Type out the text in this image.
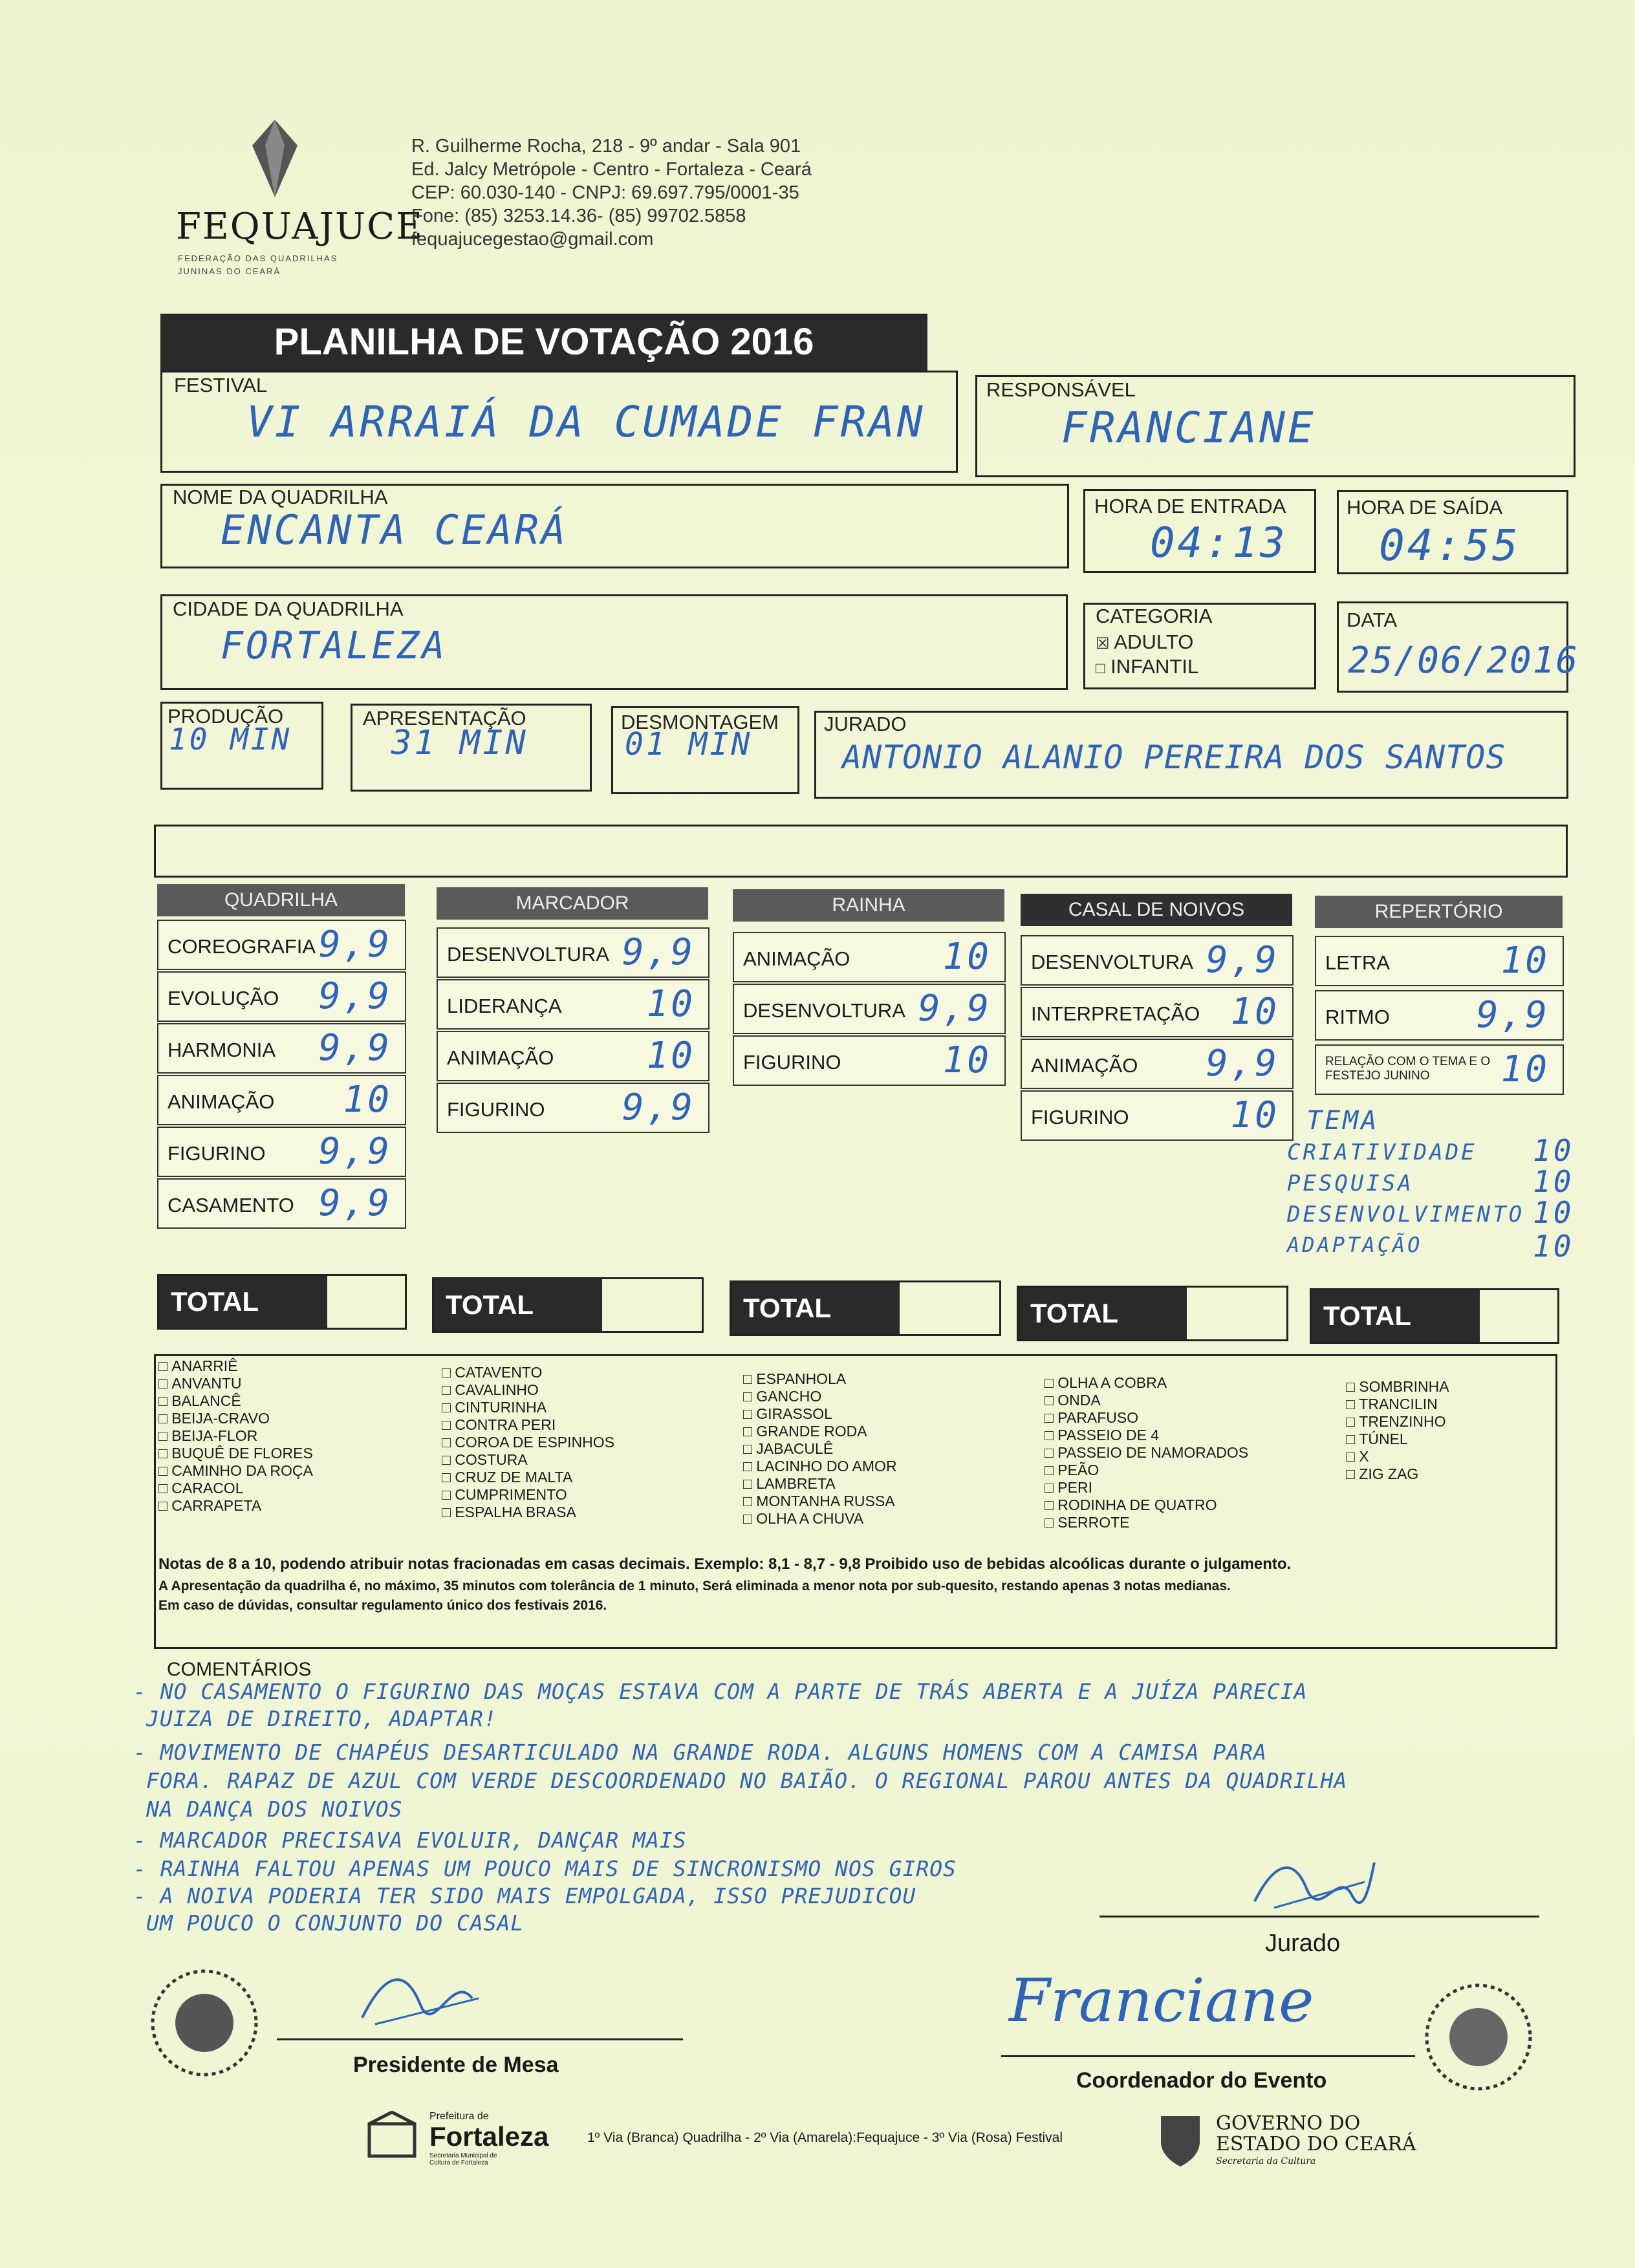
FEQUAJUCE
FEDERAÇÃO DAS QUADRILHAS
JUNINAS DO CEARÁ
R. Guilherme Rocha, 218 - 9º andar - Sala 901
Ed. Jalcy Metrópole - Centro - Fortaleza - Ceará
CEP: 60.030-140 - CNPJ: 69.697.795/0001-35
Fone: (85) 3253.14.36- (85) 99702.5858
fequajucegestao@gmail.com
PLANILHA DE VOTAÇÃO 2016
FESTIVAL
VI ARRAIÁ DA CUMADE FRAN
RESPONSÁVEL
FRANCIANE
NOME DA QUADRILHA
ENCANTA CEARÁ
HORA DE ENTRADA
04:13
HORA DE SAÍDA
04:55
CIDADE DA QUADRILHA
FORTALEZA
CATEGORIA
☒ ADULTO
□ INFANTIL
DATA
25/06/2016
PRODUÇÃO
10 MIN
APRESENTAÇÃO
31 MIN
DESMONTAGEM
01 MIN
JURADO
ANTONIO ALANIO PEREIRA DOS SANTOS
QUADRILHA
COREOGRAFIA 9,9
EVOLUÇÃO 9,9
HARMONIA 9,9
ANIMAÇÃO 10
FIGURINO 9,9
CASAMENTO 9,9
MARCADOR
DESENVOLTURA 9,9
LIDERANÇA 10
ANIMAÇÃO	10
FIGURINO 9,9
RAINHA
ANIMAÇÃO	10
DESENVOLTURA 9,9
FIGURINO	10
CASAL DE NOIVOS
DESENVOLTURA 9,9
INTERPRETAÇÃO 10
ANIMAÇÃO 9,9
FIGURINO	10
REPERTÓRIO
LETRA	10
RITMO 9,9
RELAÇÃO COM O TEMA E O FESTEJO JUNINO	10
TEMA
CRIATIVIDADE 10
PESQUISA	10
DESENVOLVIMENTO 10
ADAPTAÇÃO	10
TOTAL	TOTAL	TOTAL	TOTAL	TOTAL
□ ANARRIÊ
□ ANVANTU
□ BALANCÊ
□ BEIJA-CRAVO
□ BEIJA-FLOR
□ BUQUÊ DE FLORES
□ CAMINHO DA ROÇA
□ CARACOL
□ CARRAPETA
□ CATAVENTO
□ CAVALINHO
□ CINTURINHA
□ CONTRA PERI
□ COROA DE ESPINHOS
□ COSTURA
□ CRUZ DE MALTA
□ CUMPRIMENTO
□ ESPALHA BRASA
□ ESPANHOLA
□ GANCHO
□ GIRASSOL
□ GRANDE RODA
□ JABACULÊ
□ LACINHO DO AMOR
□ LAMBRETA
□ MONTANHA RUSSA
□ OLHA A CHUVA
□ OLHA A COBRA
□ ONDA
□ PARAFUSO
□ PASSEIO DE 4
□ PASSEIO DE NAMORADOS
□ PEÃO
□ PERI
□ RODINHA DE QUATRO
□ SERROTE
□ SOMBRINHA
□ TRANCILIN
□ TRENZINHO
□ TÚNEL
□ X
□ ZIG ZAG
Notas de 8 a 10, podendo atribuir notas fracionadas em casas decimais. Exemplo: 8,1 - 8,7 - 9,8 Proibido uso de bebidas alcoólicas durante o julgamento.
A Apresentação da quadrilha é, no máximo, 35 minutos com tolerância de 1 minuto, Será eliminada a menor nota por sub-quesito, restando apenas 3 notas medianas.
Em caso de dúvidas, consultar regulamento único dos festivais 2016.
COMENTÁRIOS
- NO CASAMENTO O FIGURINO DAS MOÇAS ESTAVA COM A PARTE DE TRÁS ABERTA E A JUÍZA PARECIA
JUIZA DE DIREITO, ADAPTAR!
- MOVIMENTO DE CHAPÉUS DESARTICULADO NA GRANDE RODA. ALGUNS HOMENS COM A CAMISA PARA
FORA. RAPAZ DE AZUL COM VERDE DESCOORDENADO NO BAIÃO. O REGIONAL PAROU ANTES DA QUADRILHA
NA DANÇA DOS NOIVOS
- MARCADOR PRECISAVA EVOLUIR, DANÇAR MAIS
- RAINHA FALTOU APENAS UM POUCO MAIS DE SINCRONISMO NOS GIROS
- A NOIVA PODERIA TER SIDO MAIS EMPOLGADA, ISSO PREJUDICOU
UM POUCO O CONJUNTO DO CASAL
Jurado
Presidente de Mesa
Franciane
Coordenador do Evento
Prefeitura de
Fortaleza
Secretaria Municipal de Cultura de Fortaleza
1º Via (Branca) Quadrilha - 2º Via (Amarela):Fequajuce - 3º Via (Rosa) Festival
GOVERNO DO
ESTADO DO CEARÁ
Secretaria da Cultura
